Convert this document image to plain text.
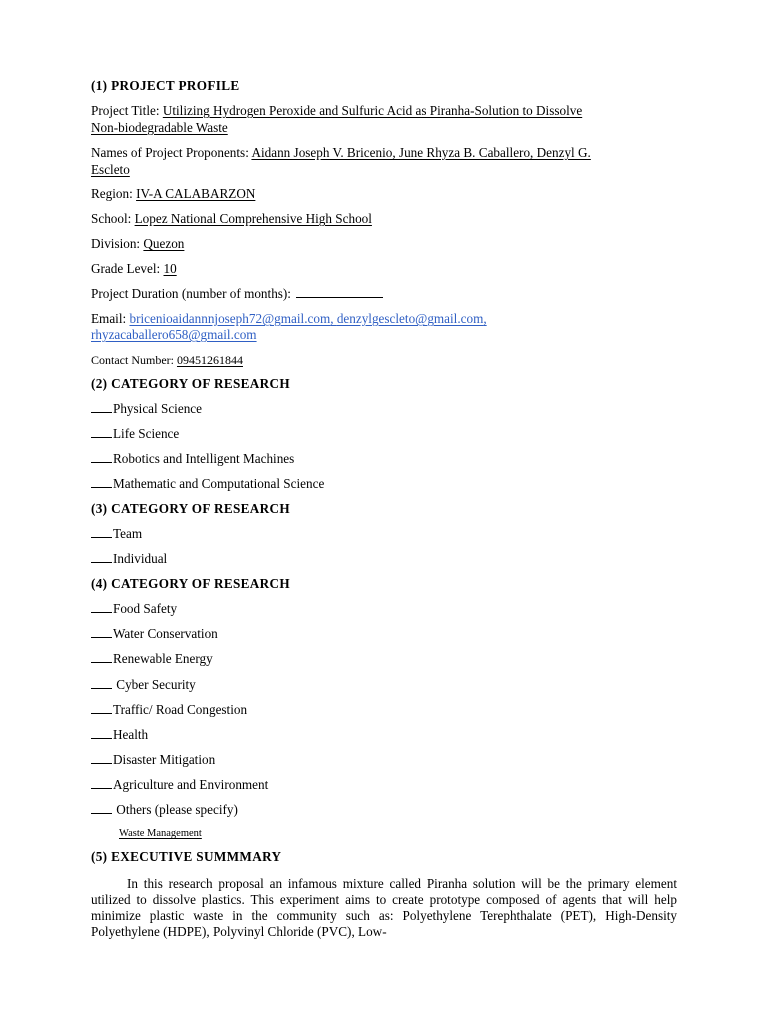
(1) PROJECT PROFILE
Project Title: Utilizing Hydrogen Peroxide and Sulfuric Acid as Piranha-Solution to Dissolve
Non-biodegradable Waste
Names of Project Proponents: Aidann Joseph V. Bricenio, June Rhyza B. Caballero, Denzyl G.
Escleto
Region: IV-A CALABARZON
School: Lopez National Comprehensive High School
Division: Quezon
Grade Level: 10
Project Duration (number of months):
Email: bricenioaidannnjoseph72@gmail.com, denzylgescleto@gmail.com,
rhyzacaballero658@gmail.com
Contact Number: 09451261844
(2) CATEGORY OF RESEARCH
Physical Science
Life Science
Robotics and Intelligent Machines
Mathematic and Computational Science
(3) CATEGORY OF RESEARCH
Team
Individual
(4) CATEGORY OF RESEARCH
Food Safety
Water Conservation
Renewable Energy
Cyber Security
Traffic/ Road Congestion
Health
Disaster Mitigation
Agriculture and Environment
Others (please specify)
Waste Management
(5) EXECUTIVE SUMMMARY
In this research proposal an infamous mixture called Piranha solution will be the primary element utilized to dissolve plastics. This experiment aims to create prototype composed of agents that will help minimize plastic waste in the community such as: Polyethylene Terephthalate (PET), High-Density Polyethylene (HDPE), Polyvinyl Chloride (PVC), Low-
